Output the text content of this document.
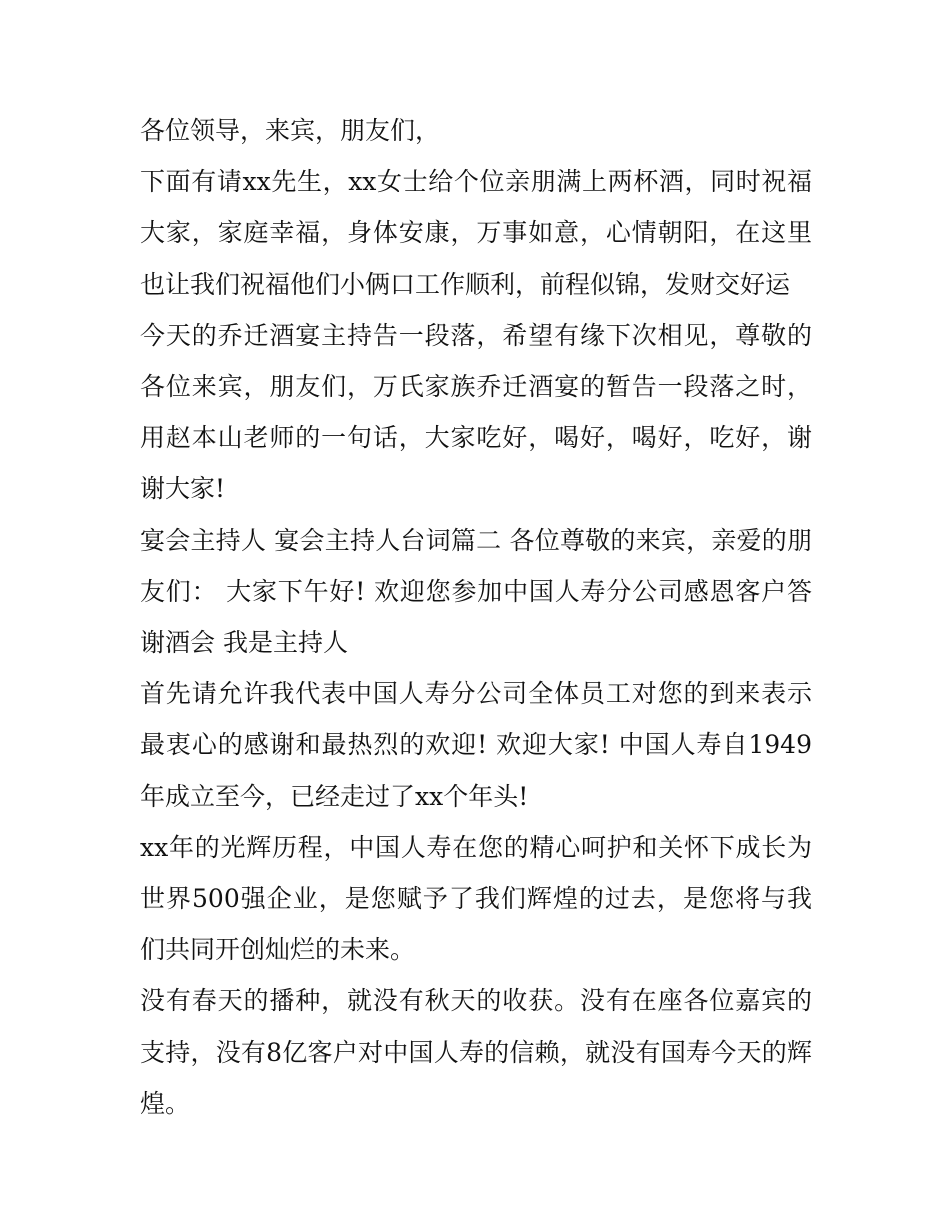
各位领导，来宾，朋友们，

下面有请xx先生，xx女士给个位亲朋满上两杯酒，同时祝福大家，家庭幸福，身体安康，万事如意，心情朝阳，在这里也让我们祝福他们小俩口工作顺利，前程似锦，发财交好运

今天的乔迁酒宴主持告一段落，希望有缘下次相见，尊敬的各位来宾，朋友们，万氏家族乔迁酒宴的暂告一段落之时，用赵本山老师的一句话，大家吃好，喝好，喝好，吃好，谢谢大家!

宴会主持人 宴会主持人台词篇二 各位尊敬的来宾，亲爱的朋友们： 大家下午好! 欢迎您参加中国人寿分公司感恩客户答谢酒会 我是主持人

首先请允许我代表中国人寿分公司全体员工对您的到来表示最衷心的感谢和最热烈的欢迎! 欢迎大家! 中国人寿自1949年成立至今，已经走过了xx个年头!

xx年的光辉历程，中国人寿在您的精心呵护和关怀下成长为世界500强企业，是您赋予了我们辉煌的过去，是您将与我们共同开创灿烂的未来。

没有春天的播种，就没有秋天的收获。没有在座各位嘉宾的支持，没有8亿客户对中国人寿的信赖，就没有国寿今天的辉煌。
